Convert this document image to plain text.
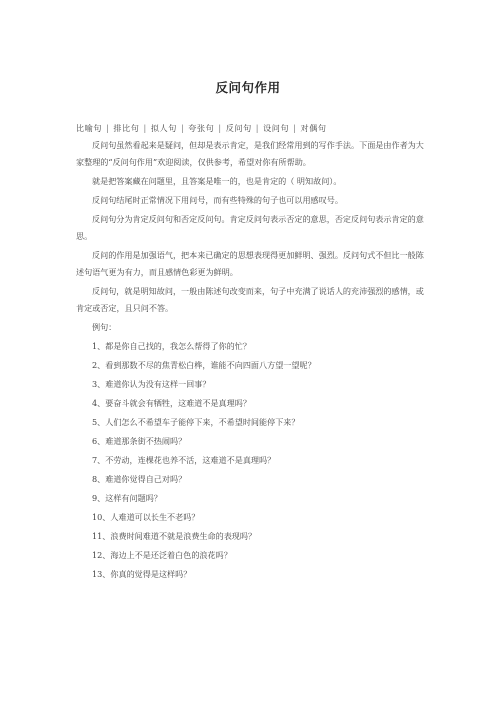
反问句作用

比喻句 | 排比句 | 拟人句 | 夸张句 | 反问句 | 设问句 | 对偶句

反问句虽然看起来是疑问，但却是表示肯定，是我们经常用到的写作手法。下面是由作者为大家整理的“反问句作用”欢迎阅读，仅供参考，希望对你有所帮助。

就是把答案藏在问题里，且答案是唯一的，也是肯定的（ 明知故问）。

反问句结尾时正常情况下用问号，而有些特殊的句子也可以用感叹号。

反问句分为肯定反问句和否定反问句。肯定反问句表示否定的意思，否定反问句表示肯定的意思。

反问的作用是加强语气，把本来已确定的思想表现得更加鲜明、强烈。反问句式不但比一般陈述句语气更为有力，而且感情色彩更为鲜明。

反问句，就是明知故问，一般由陈述句改变而来，句子中充满了说话人的充沛强烈的感情，或肯定或否定，且只问不答。

例句：

1、都是你自己找的，我怎么帮得了你的忙？

2、看到那数不尽的焦青松白桦，谁能不向四面八方望一望呢？

3、难道你认为没有这样一回事？

4、要奋斗就会有牺牲，这难道不是真理吗？

5、人们怎么不希望车子能停下来，不希望时间能停下来？

6、难道那条街不热闹吗？

7、不劳动，连棵花也养不活，这难道不是真理吗？

8、难道你觉得自己对吗？

9、这样有问题吗？

10、人难道可以长生不老吗？

11、浪费时间难道不就是浪费生命的表现吗？

12、海边上不是还泛着白色的浪花吗？

13、你真的觉得是这样吗？
